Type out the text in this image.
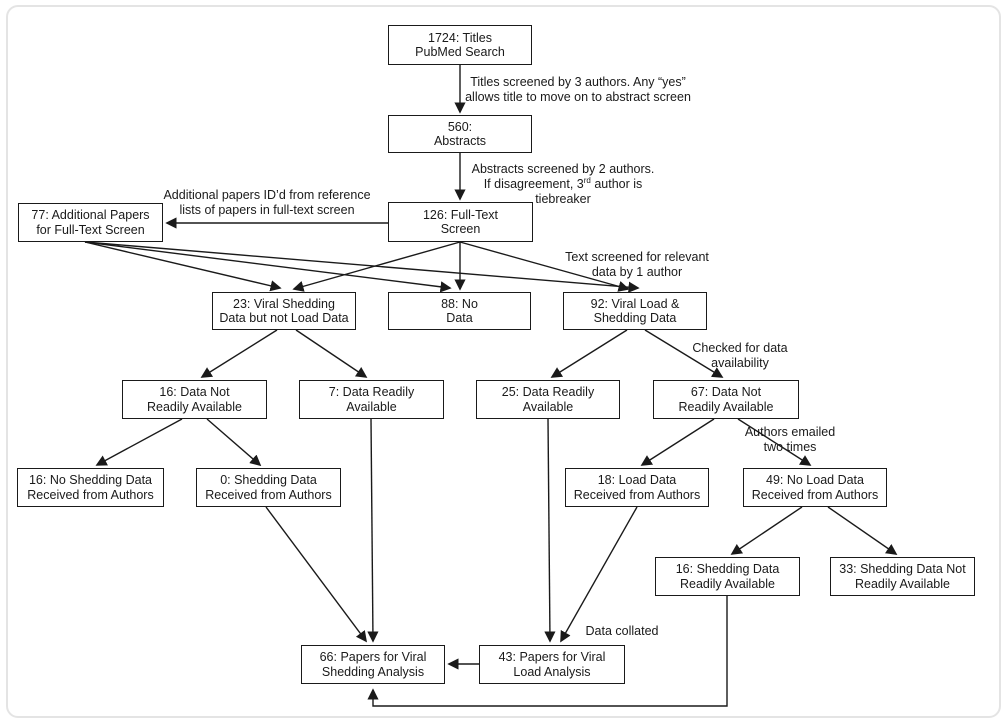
1724: Titles
PubMed Search
560:
Abstracts
126: Full-Text
Screen
77: Additional Papers
for Full-Text Screen
23: Viral Shedding
Data but not Load Data
88: No
Data
92: Viral Load &
Shedding Data
16: Data Not
Readily Available
7: Data Readily
Available
25: Data Readily
Available
67: Data Not
Readily Available
16: No Shedding Data
Received from Authors
0: Shedding Data
Received from Authors
18: Load Data
Received from Authors
49: No Load Data
Received from Authors
16: Shedding Data
Readily Available
33: Shedding Data Not
Readily Available
66: Papers for Viral
Shedding Analysis
43: Papers for Viral
Load Analysis
Titles screened by 3 authors. Any “yes”
allows title to move on to abstract screen
Abstracts screened by 2 authors.
If disagreement, 3rd author is
tiebreaker
Additional papers ID’d from reference
lists of papers in full-text screen
Text screened for relevant
data by 1 author
Checked for data
availability
Authors emailed
two times
Data collated
